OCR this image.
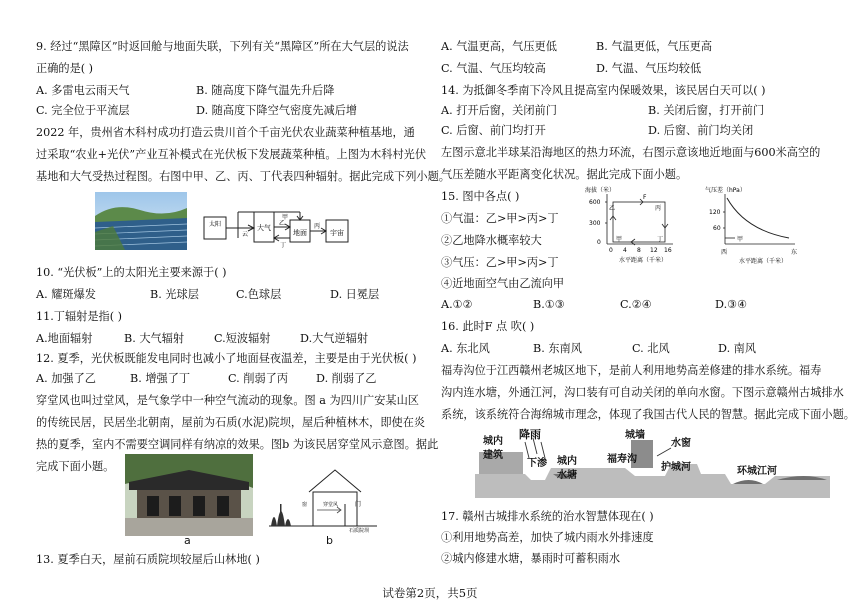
9. 经过“黑障区”时返回舱与地面失联，下列有关“黑障区”所在大气层的说法
正确的是( )
A. 多雷电云雨天气	B. 随高度下降气温先升后降
C. 完全位于平流层	D. 随高度下降空气密度先减后增
2022 年，贵州省木科村成功打造云贵川首个千亩光伏农业蔬菜种植基地，通
过采取“农业+光伏”产业互补模式在光伏板下发展蔬菜种植。上图为木科村光伏
基地和大气受热过程图。右图中甲、乙、丙、丁代表四种辐射。据此完成下列小题。
太阳
云
大气
地面	宇宙
甲
乙	丙
丁
10. “光伏板”上的太阳光主要来源于( )
A. 耀斑爆发	B. 光球层	C.色球层	D. 日冕层
11.丁辐射是指( )
A.地面辐射	B. 大气辐射	C.短波辐射	D.大气逆辐射
12. 夏季，光伏板既能发电同时也减小了地面昼夜温差，主要是由于光伏板( )
A. 加强了乙	B. 增强了丁	C. 削弱了丙 D. 削弱了乙
穿堂风也叫过堂风，是气象学中一种空气流动的现象。图 a 为四川广安某山区
的传统民居，民居坐北朝南，屋前为石质(水泥)院坝，屋后种植林木，即使在炎
热的夏季，室内不需要空调同样有纳凉的效果。图b 为该民居穿堂风示意图。据此
完成下面小题。
a
穿堂风	门
窗
石质院坝
b
13. 夏季白天，屋前石质院坝较屋后山林地( )
A. 气温更高，气压更低	B. 气温更低，气压更高
C. 气温、气压均较高	D. 气温、气压均较低
14. 为抵御冬季南下冷风且提高室内保暖效果，该民居白天可以( )
A. 打开后窗，关闭前门	B. 关闭后窗，打开前门
C. 后窗、前门均打开	D. 后窗、前门均关闭
左图示意北半球某沿海地区的热力环流，右图示意该地近地面与600米高空的
气压差随水平距离变化状况。据此完成下面小题。
15. 图中各点( )
①气温：乙>甲>丙>丁
②乙地降水概率较大
③气压：乙>甲>丙>丁
④近地面空气由乙流向甲
A.①②	B.①③	C.②④	D.③④
海拔（米）
600
300
0
0 4 8 12 16
水平距离（千米）
F
丙
丁
甲
乙
气压差（hPa）
120
60
甲
西	东
水平距离（千米）
16. 此时F 点 吹( )
A. 东北风	B. 东南风	C. 北风	D. 南风
福寿沟位于江西赣州老城区地下，是前人利用地势高差修建的排水系统。福寿
沟内连水塘，外通江河，沟口装有可自动关闭的单向水窗。下图示意赣州古城排水
系统，该系统符合海绵城市理念，体现了我国古代人民的智慧。据此完成下面小题。
降雨
城内
建筑
下渗 城内
水塘
城墙
水窗
福寿沟
护城河	环城江河
17. 赣州古城排水系统的治水智慧体现在( )
①利用地势高差，加快了城内雨水外排速度
②城内修建水塘，暴雨时可蓄积雨水
试卷第2页，共5页
